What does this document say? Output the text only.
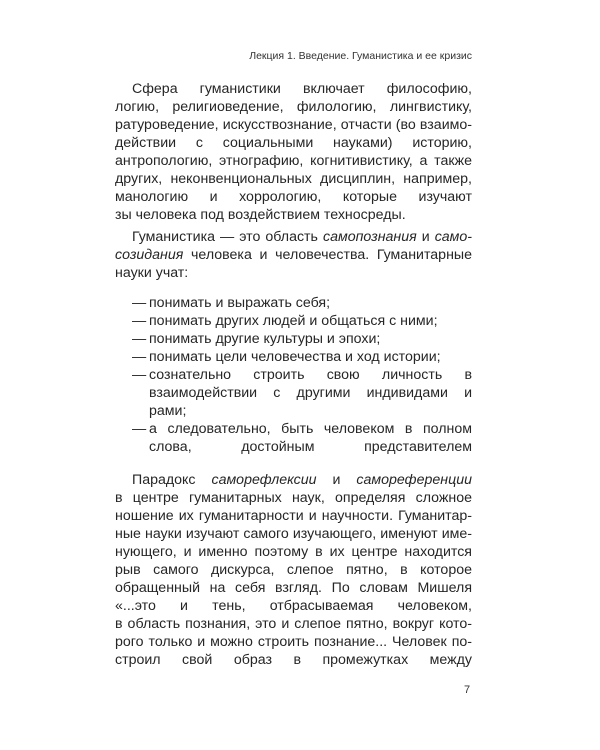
Лекция 1. Введение. Гуманистика и ее кризис
Сфера гуманистики включает философию,
логию, религиоведение, филологию, лингвистику,
ратуроведение, искусствознание, отчасти (во взаимо-
действии с социальными науками) историю,
антропологию, этнографию, когнитивистику, а также
других, неконвенциональных дисциплин, например,
манологию и хоррологию, которые изучают
зы человека под воздействием техносреды.
Гуманистика — это область самопознания и само-
созидания человека и человечества. Гуманитарные
науки учат:
— понимать и выражать себя;
— понимать других людей и общаться с ними;
— понимать другие культуры и эпохи;
— понимать цели человечества и ход истории;
— сознательно строить свою личность в
взаимодействии с другими индивидами и
рами;
— а следовательно, быть человеком в полном
слова, достойным представителем
Парадокс саморефлексии и самореференции
в центре гуманитарных наук, определяя сложное
ношение их гуманитарности и научности. Гуманитар-
ные науки изучают самого изучающего, именуют име-
нующего, и именно поэтому в их центре находится
рыв самого дискурса, слепое пятно, в которое
обращенный на себя взгляд. По словам Мишеля
«...это и тень, отбрасываемая человеком,
в область познания, это и слепое пятно, вокруг кото-
рого только и можно строить познание... Человек по-
строил свой образ в промежутках между
7
